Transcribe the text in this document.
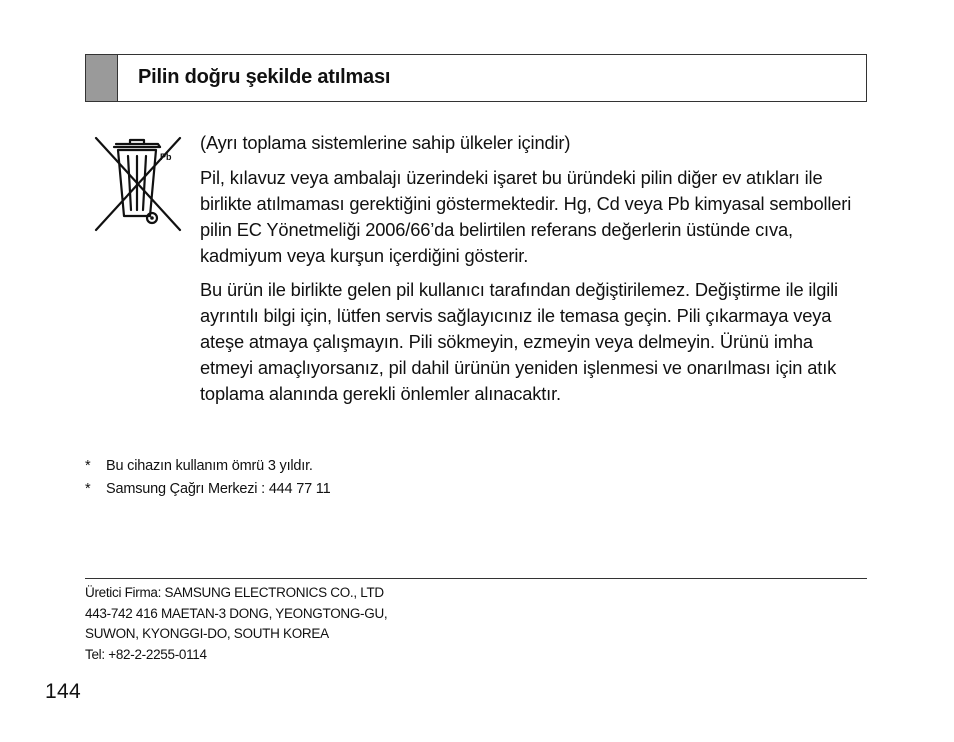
Pilin doğru şekilde atılması
Pb

(Ayrı toplama sistemlerine sahip ülkeler içindir)

Pil, kılavuz veya ambalajı üzerindeki işaret bu üründeki pilin diğer ev atıkları ile birlikte atılmaması gerektiğini göstermektedir. Hg, Cd veya Pb kimyasal sembolleri pilin EC Yönetmeliği 2006/66’da belirtilen referans değerlerin üstünde cıva, kadmiyum veya kurşun içerdiğini gösterir.

Bu ürün ile birlikte gelen pil kullanıcı tarafından değiştirilemez. Değiştirme ile ilgili ayrıntılı bilgi için, lütfen servis sağlayıcınız ile temasa geçin. Pili çıkarmaya veya ateşe atmaya çalışmayın. Pili sökmeyin, ezmeyin veya delmeyin. Ürünü imha etmeyi amaçlıyorsanız, pil dahil ürünün yeniden işlenmesi ve onarılması için atık toplama alanında gerekli önlemler alınacaktır.

* Bu cihazın kullanım ömrü 3 yıldır.
* Samsung Çağrı Merkezi : 444 77 11
Üretici Firma: SAMSUNG ELECTRONICS CO., LTD
443-742 416 MAETAN-3 DONG, YEONGTONG-GU,
SUWON, KYONGGI-DO, SOUTH KOREA
Tel: +82-2-2255-0114
144
